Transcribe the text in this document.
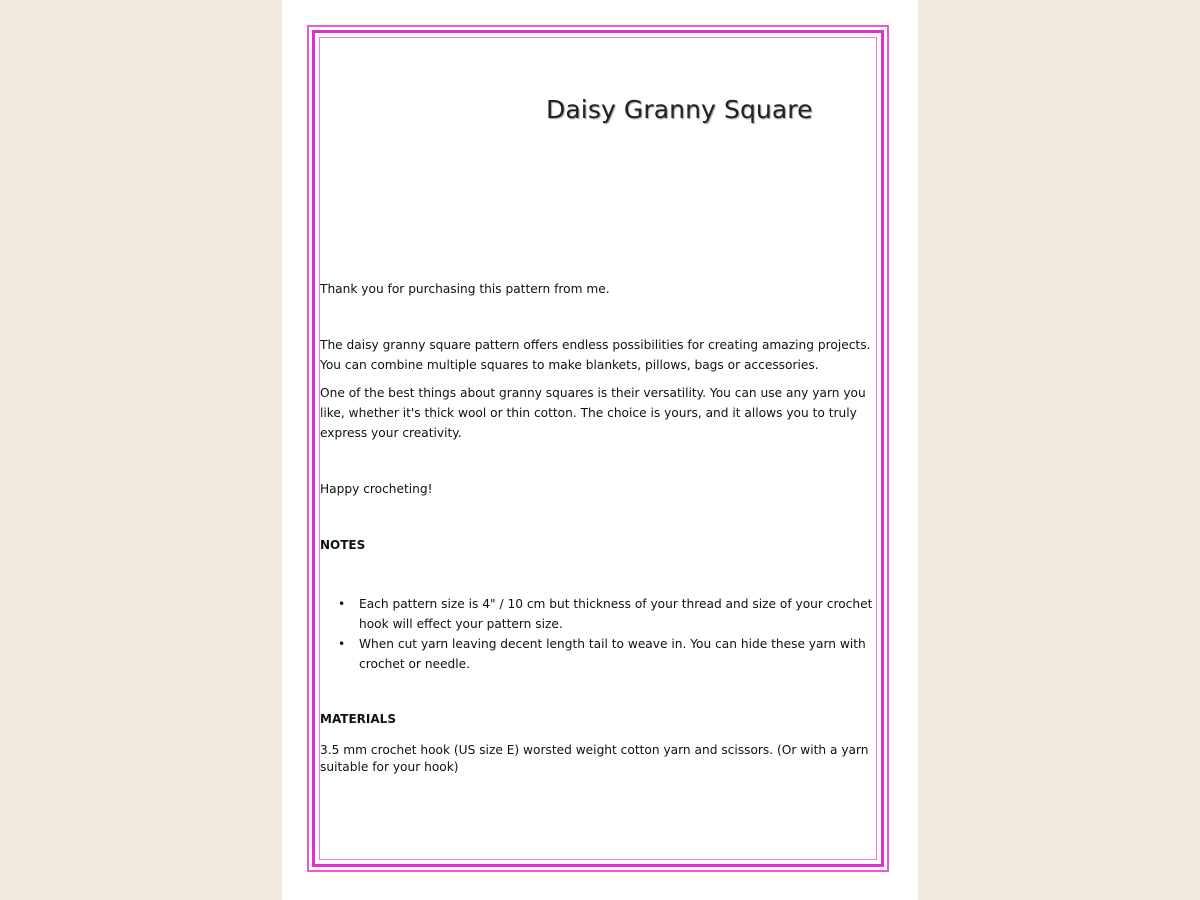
Daisy Granny Square

Thank you for purchasing this pattern from me.

The daisy granny square pattern offers endless possibilities for creating amazing projects. You can combine multiple squares to make blankets, pillows, bags or accessories.

One of the best things about granny squares is their versatility. You can use any yarn you like, whether it's thick wool or thin cotton. The choice is yours, and it allows you to truly express your creativity.

Happy crocheting!

NOTES
• Each pattern size is 4" / 10 cm but thickness of your thread and size of your crochet hook will effect your pattern size.
• When cut yarn leaving decent length tail to weave in. You can hide these yarn with crochet or needle.
MATERIALS

3.5 mm crochet hook (US size E) worsted weight cotton yarn and scissors. (Or with a yarn suitable for your hook)
